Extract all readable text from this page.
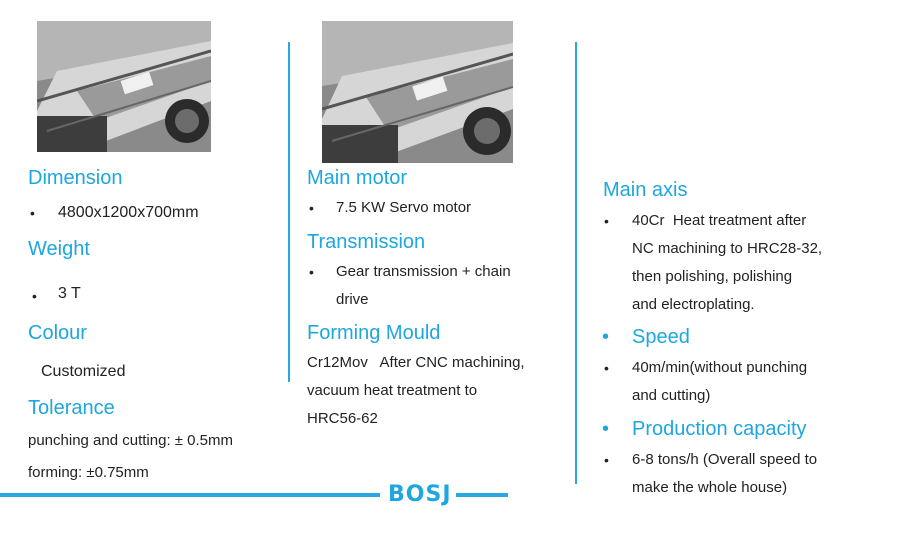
Dimension
• 4800x1200x700mm
Weight
• 3 T
Colour
Customized
Tolerance
punching and cutting: ± 0.5mm
forming: ±0.75mm
Main motor
• 7.5 KW Servo motor
Transmission
• Gear transmission + chain
drive
Forming Mould
Cr12Mov   After CNC machining,
vacuum heat treatment to
HRC56-62
Main axis
• 40Cr  Heat treatment after
NC machining to HRC28-32,
then polishing, polishing
and electroplating.
• Speed
• 40m/min(without punching
and cutting)
• Production capacity
• 6-8 tons/h (Overall speed to
make the whole house)
BOSJ
